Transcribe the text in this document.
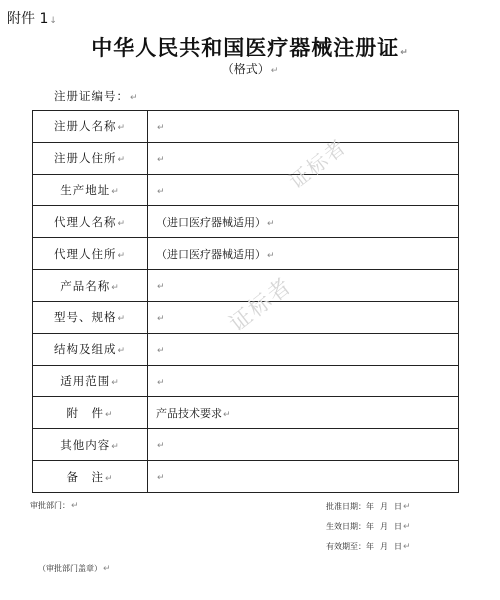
附件 1↓
中华人民共和国医疗器械注册证↵
（格式）↵
注册证编号：↵
注册人名称↵	↵
注册人住所↵	↵
生产地址↵	↵
代理人名称↵	（进口医疗器械适用）↵
代理人住所↵	（进口医疗器械适用）↵
产品名称↵	↵
型号、规格↵	↵
结构及组成↵	↵
适用范围↵	↵
附　件↵	产品技术要求↵
其他内容↵	↵
备　注↵	↵
证标者
证标者
审批部门：↵	批准日期：年 月 日↵
生效日期：年 月 日↵
有效期至：年 月 日↵
（审批部门盖章）↵
